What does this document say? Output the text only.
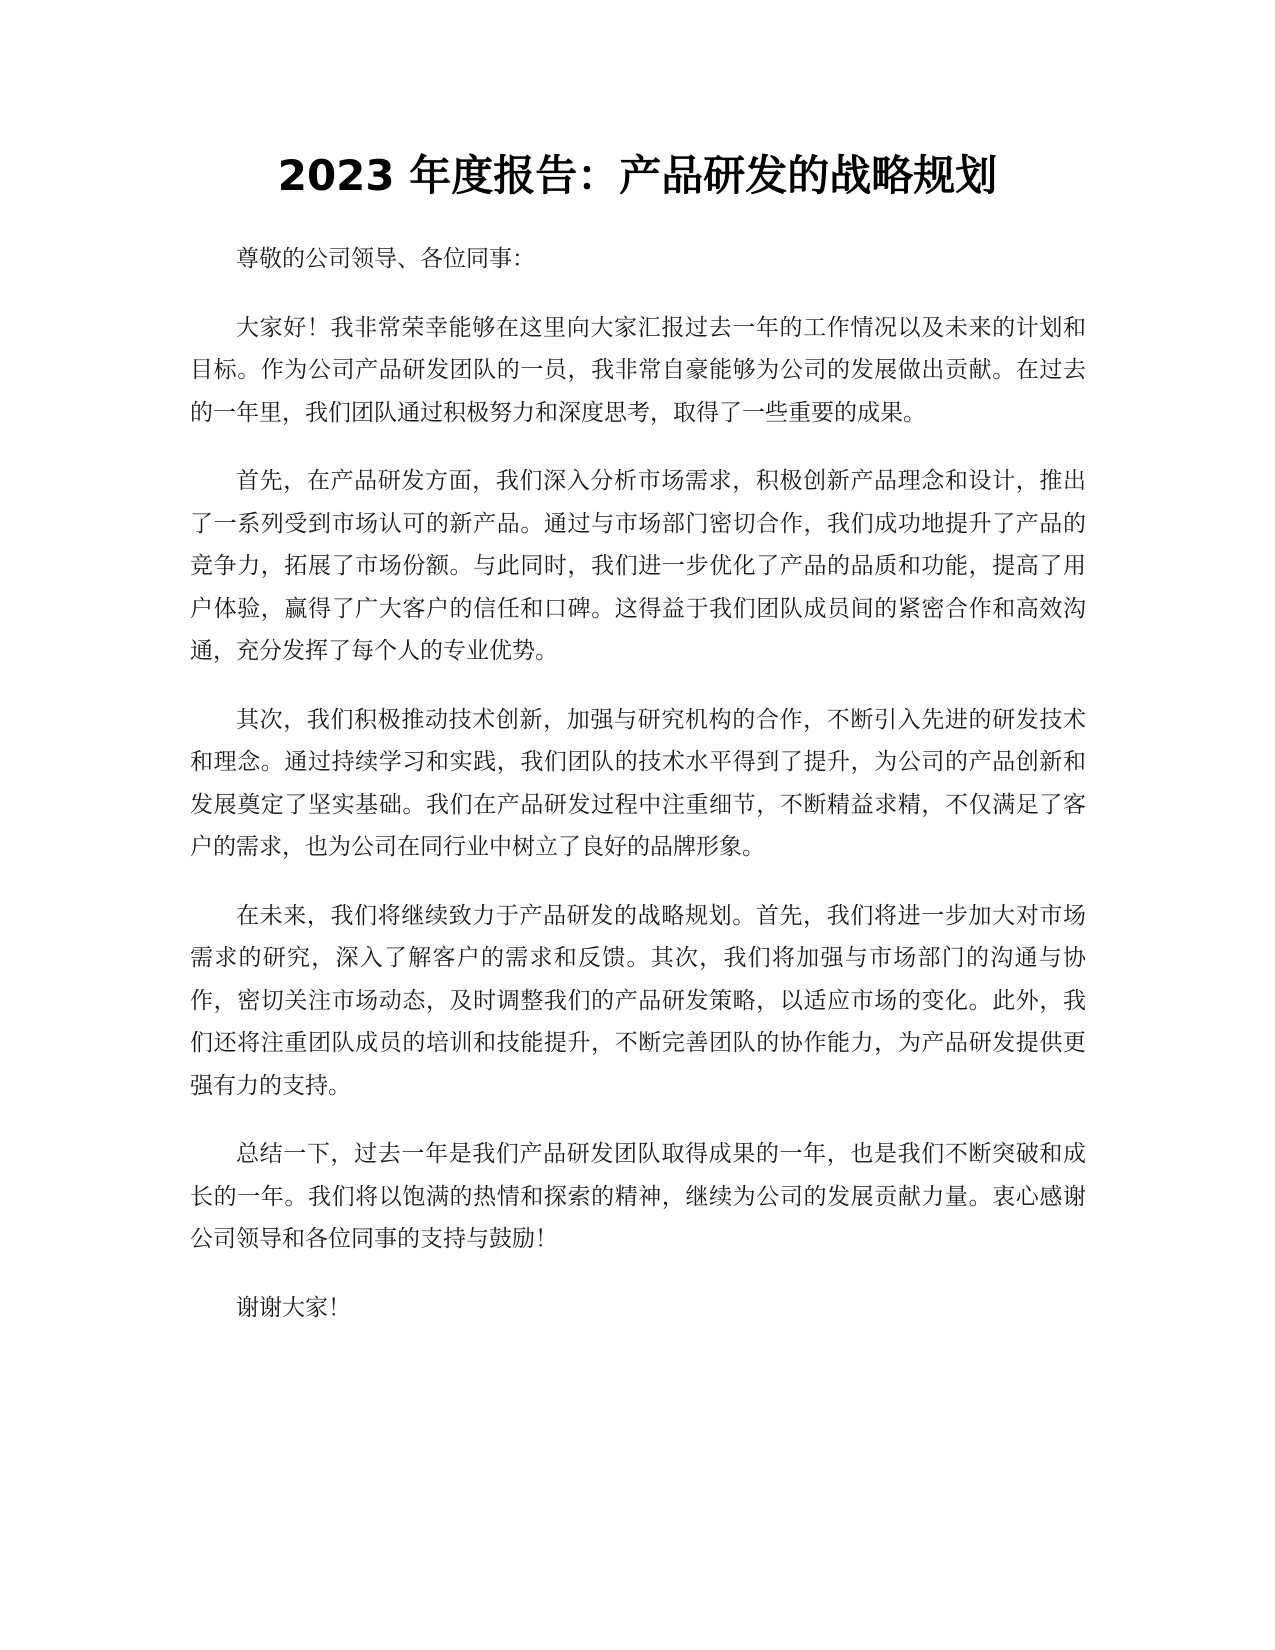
2023 年度报告：产品研发的战略规划

尊敬的公司领导、各位同事：

大家好！我非常荣幸能够在这里向大家汇报过去一年的工作情况以及未来的计划和目标。作为公司产品研发团队的一员，我非常自豪能够为公司的发展做出贡献。在过去的一年里，我们团队通过积极努力和深度思考，取得了一些重要的成果。

首先，在产品研发方面，我们深入分析市场需求，积极创新产品理念和设计，推出了一系列受到市场认可的新产品。通过与市场部门密切合作，我们成功地提升了产品的竞争力，拓展了市场份额。与此同时，我们进一步优化了产品的品质和功能，提高了用户体验，赢得了广大客户的信任和口碑。这得益于我们团队成员间的紧密合作和高效沟通，充分发挥了每个人的专业优势。

其次，我们积极推动技术创新，加强与研究机构的合作，不断引入先进的研发技术和理念。通过持续学习和实践，我们团队的技术水平得到了提升，为公司的产品创新和发展奠定了坚实基础。我们在产品研发过程中注重细节，不断精益求精，不仅满足了客户的需求，也为公司在同行业中树立了良好的品牌形象。

在未来，我们将继续致力于产品研发的战略规划。首先，我们将进一步加大对市场需求的研究，深入了解客户的需求和反馈。其次，我们将加强与市场部门的沟通与协作，密切关注市场动态，及时调整我们的产品研发策略，以适应市场的变化。此外，我们还将注重团队成员的培训和技能提升，不断完善团队的协作能力，为产品研发提供更强有力的支持。

总结一下，过去一年是我们产品研发团队取得成果的一年，也是我们不断突破和成长的一年。我们将以饱满的热情和探索的精神，继续为公司的发展贡献力量。衷心感谢公司领导和各位同事的支持与鼓励！

谢谢大家！
